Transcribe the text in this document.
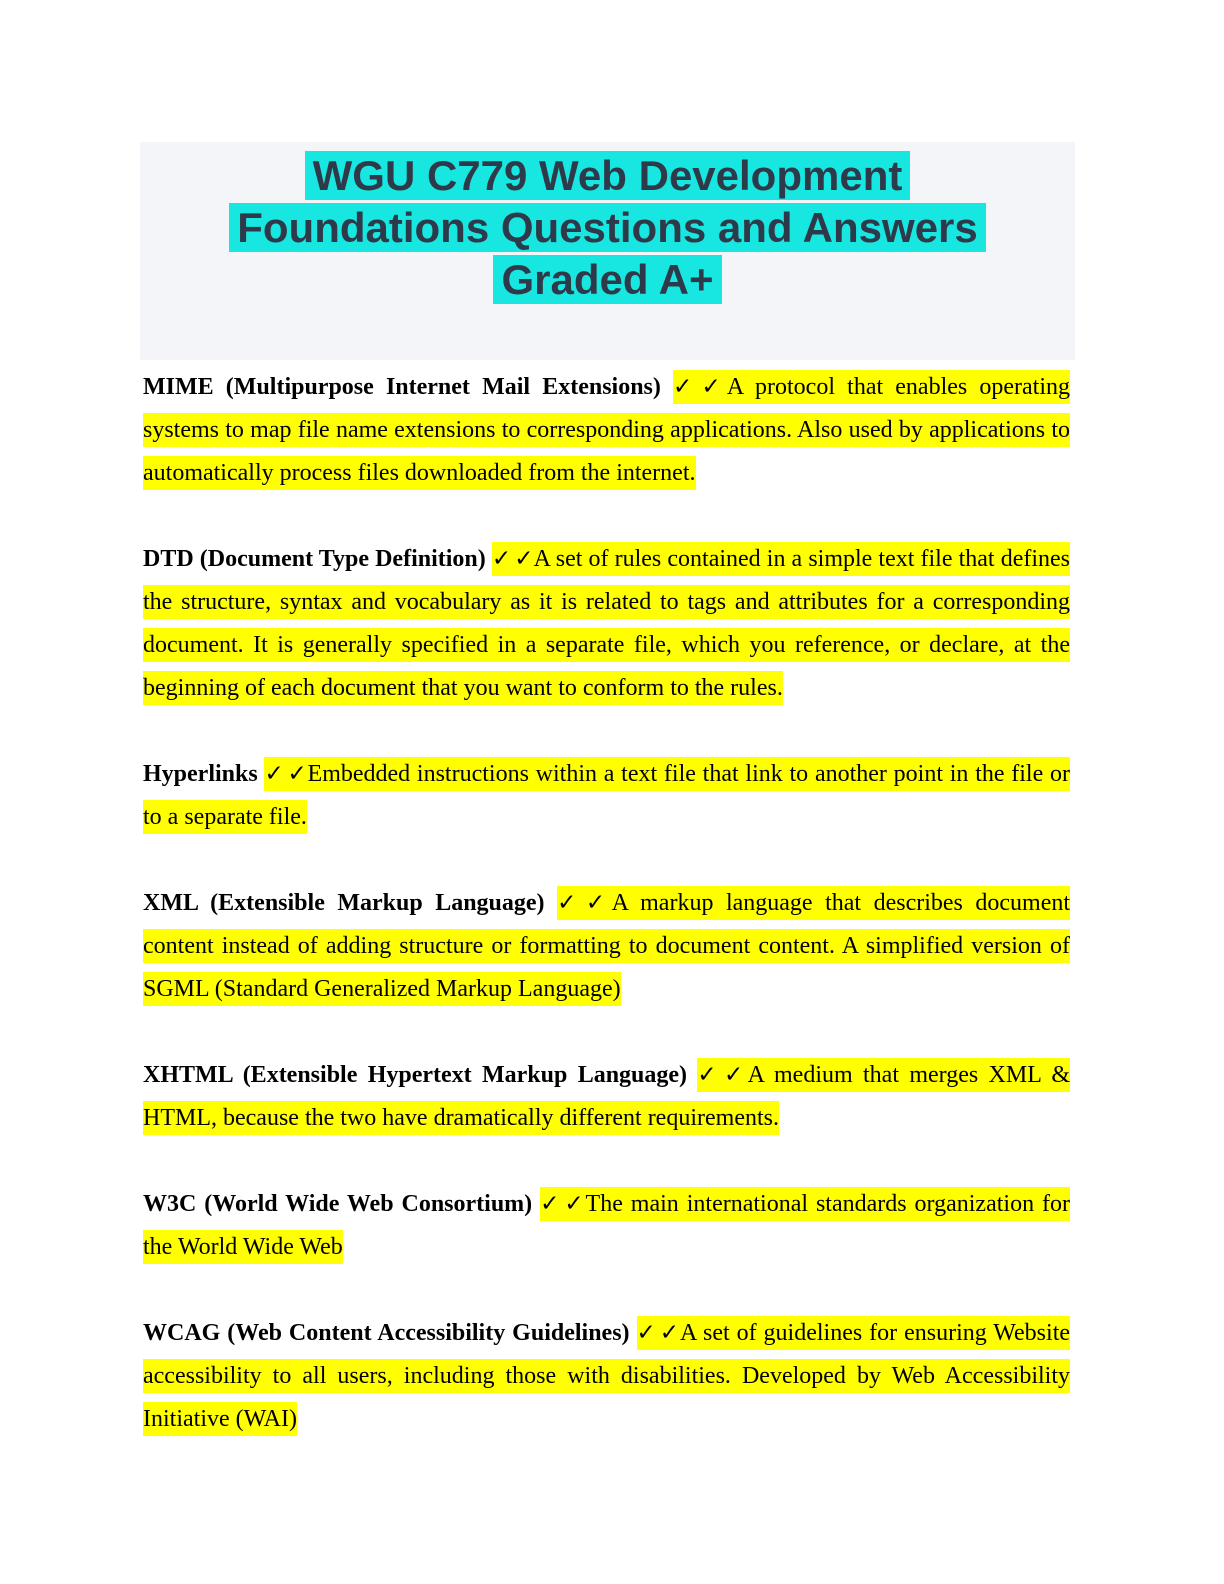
WGU C779 Web Development
Foundations Questions and Answers
Graded A+

MIME (Multipurpose Internet Mail Extensions) ✓✓A protocol that enables operating systems to map file name extensions to corresponding applications. Also used by applications to automatically process files downloaded from the internet.

DTD (Document Type Definition) ✓✓A set of rules contained in a simple text file that defines the structure, syntax and vocabulary as it is related to tags and attributes for a corresponding document. It is generally specified in a separate file, which you reference, or declare, at the beginning of each document that you want to conform to the rules.

Hyperlinks ✓✓Embedded instructions within a text file that link to another point in the file or to a separate file.

XML (Extensible Markup Language) ✓✓A markup language that describes document content instead of adding structure or formatting to document content. A simplified version of SGML (Standard Generalized Markup Language)

XHTML (Extensible Hypertext Markup Language) ✓✓A medium that merges XML & HTML, because the two have dramatically different requirements.

W3C (World Wide Web Consortium) ✓✓The main international standards organization for the World Wide Web

WCAG (Web Content Accessibility Guidelines) ✓✓A set of guidelines for ensuring Website accessibility to all users, including those with disabilities. Developed by Web Accessibility Initiative (WAI)
